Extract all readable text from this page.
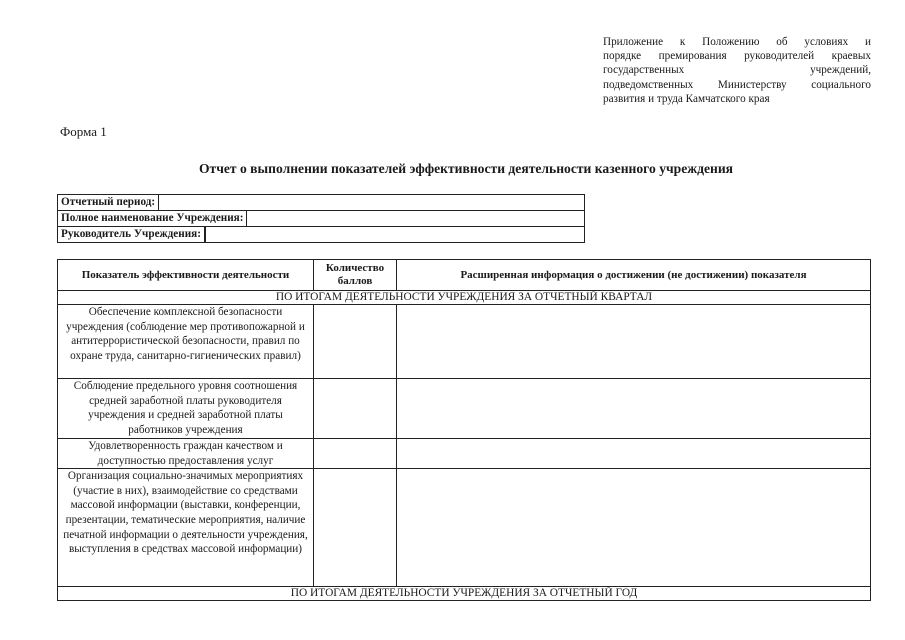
Приложение к Положению об условиях и
порядке премирования руководителей краевых
государственных учреждений,
подведомственных Министерству социального
развития и труда Камчатского края
Форма 1
Отчет о выполнении показателей эффективности деятельности казенного учреждения
Отчетный период:

Полное наименование Учреждения:

Руководитель Учреждения:
Показатель эффективности деятельности	Количество баллов	Расширенная информация о достижении (не достижении) показателя
ПО ИТОГАМ ДЕЯТЕЛЬНОСТИ УЧРЕЖДЕНИЯ ЗА ОТЧЕТНЫЙ КВАРТАЛ		
Обеспечение комплексной безопасности учреждения (соблюдение мер противопожарной и антитеррористической безопасности, правил по охране труда, санитарно-гигиенических правил)		
Соблюдение предельного уровня соотношения средней заработной платы руководителя учреждения и средней заработной платы работников учреждения		
Удовлетворенность граждан качеством и доступностью предоставления услуг		
Организация социально-значимых мероприятиях (участие в них), взаимодействие со средствами массовой информации (выставки, конференции, презентации, тематические мероприятия, наличие печатной информации о деятельности учреждения, выступления в средствах массовой информации)		
ПО ИТОГАМ ДЕЯТЕЛЬНОСТИ УЧРЕЖДЕНИЯ ЗА ОТЧЕТНЫЙ ГОД		
